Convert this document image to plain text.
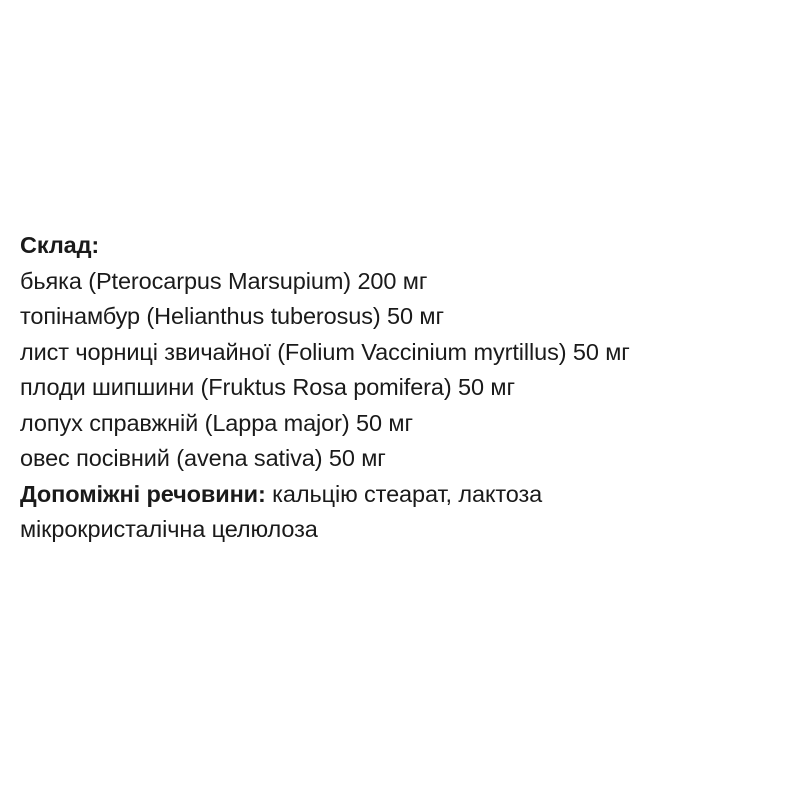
Склад:
бьяка (Pterocarpus Marsupium) 200 мг
топінамбур (Helianthus tuberosus) 50 мг
лист чорниці звичайної (Folium Vaccinium myrtillus) 50 мг
плоди шипшини (Fruktus Rosa pomifera) 50 мг
лопух справжній (Lappa major) 50 мг
овес посівний (avena sativa) 50 мг
Допоміжні речовини: кальцію стеарат, лактоза
мікрокристалічна целюлоза
